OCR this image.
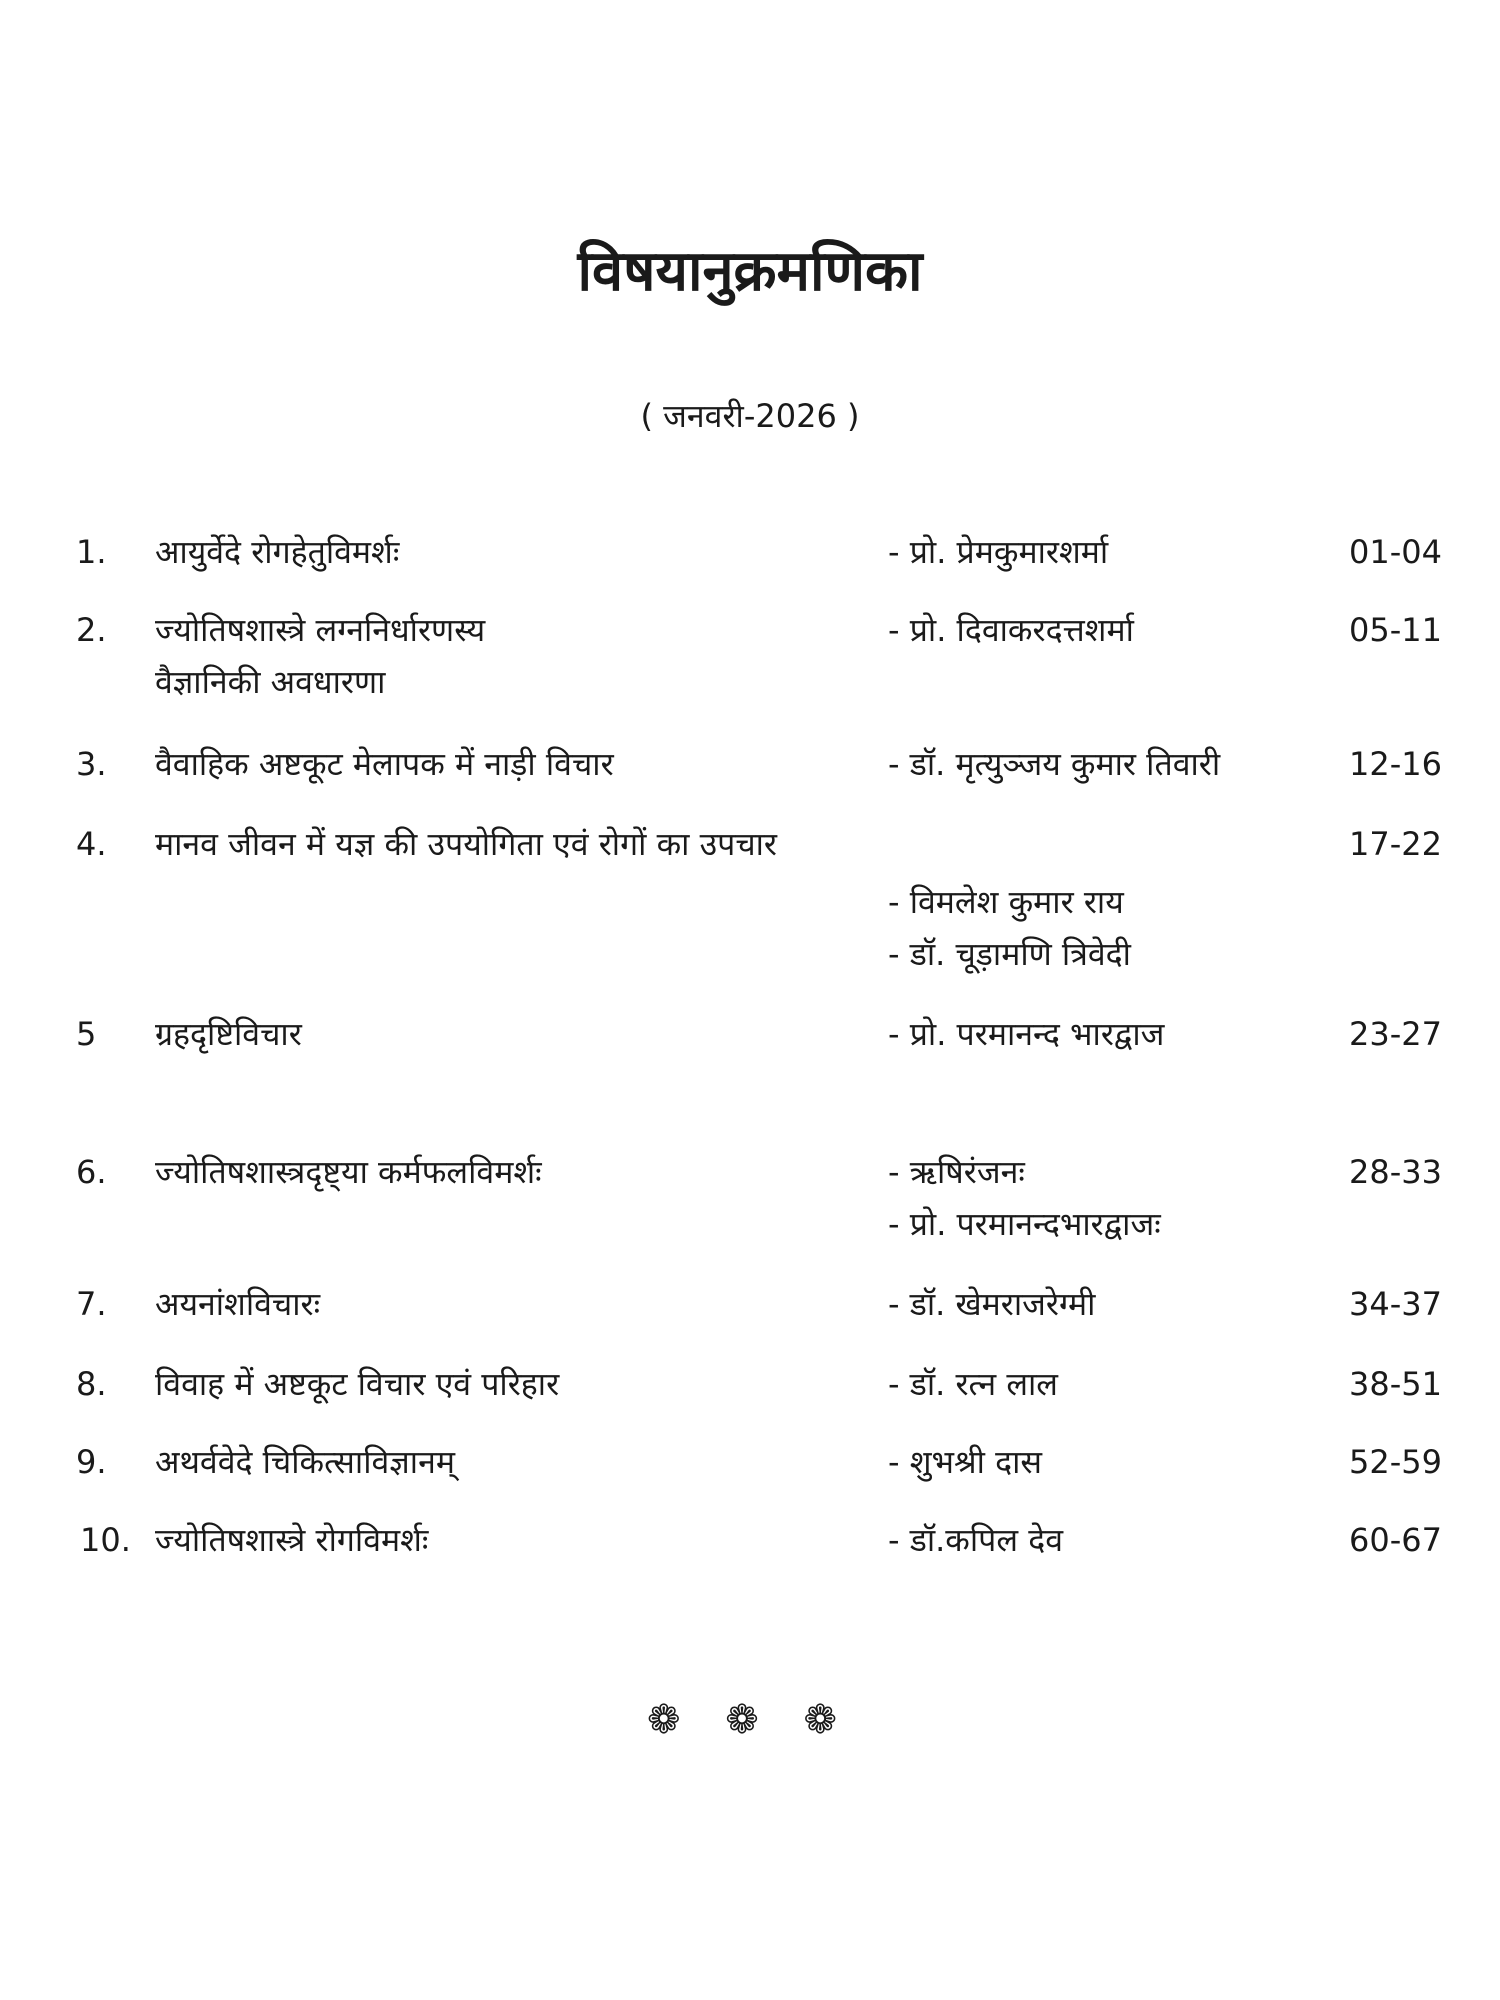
विषयानुक्रमणिका
( जनवरी-2026 )
1. आयुर्वेदे रोगहेतुविमर्शः	- प्रो. प्रेमकुमारशर्मा	01-04
2. ज्योतिषशास्त्रे लग्ननिर्धारणस्य
वैज्ञानिकी अवधारणा
- प्रो. दिवाकरदत्तशर्मा	05-11
3. वैवाहिक अष्टकूट मेलापक में नाड़ी विचार	- डॉ. मृत्युञ्जय कुमार तिवारी	12-16
4. मानव जीवन में यज्ञ की उपयोगिता एवं रोगों का उपचार	17-22
- विमलेश कुमार राय
- डॉ. चूड़ामणि त्रिवेदी
5 ग्रहदृष्टिविचार	- प्रो. परमानन्द भारद्वाज	23-27
6. ज्योतिषशास्त्रदृष्ट्या कर्मफलविमर्शः	- ऋषिरंजनः
- प्रो. परमानन्दभारद्वाजः
28-33
7. अयनांशविचारः	- डॉ. खेमराजरेग्मी	34-37
8. विवाह में अष्टकूट विचार एवं परिहार	- डॉ. रत्न लाल	38-51
9. अथर्ववेदे चिकित्साविज्ञानम्	- शुभश्री दास	52-59
10. ज्योतिषशास्त्रे रोगविमर्शः	- डॉ.कपिल देव	60-67
❁ ❁ ❁
